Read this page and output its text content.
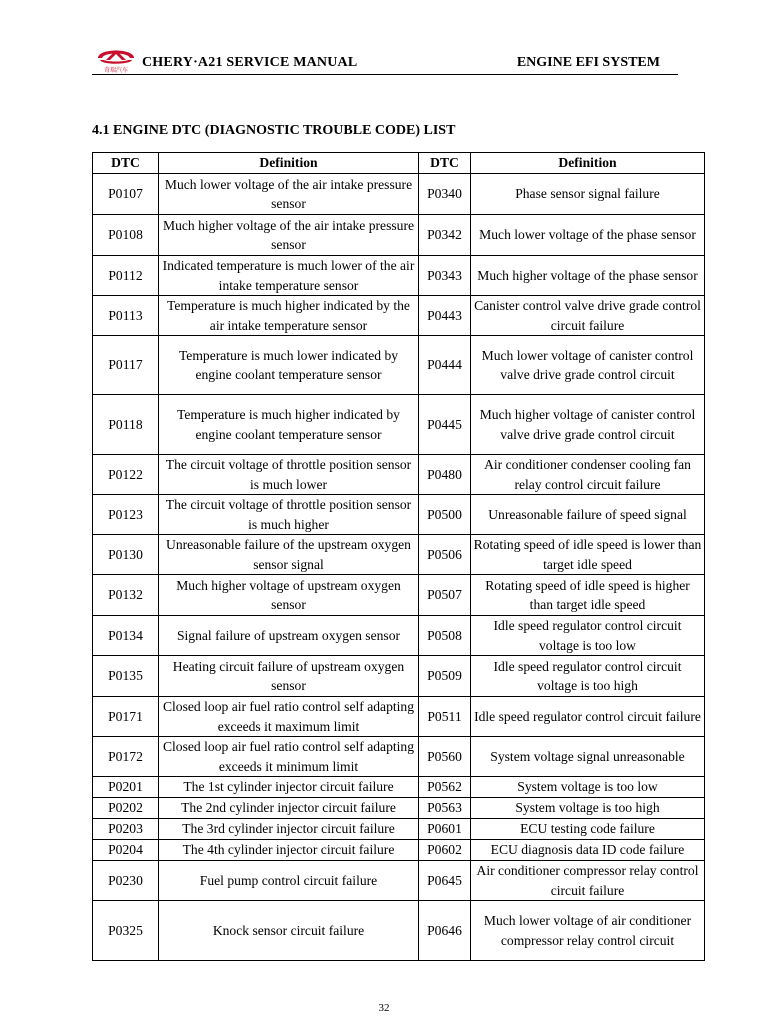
奇瑞汽车
CHERY·A21 SERVICE MANUAL	ENGINE EFI SYSTEM
4.1 ENGINE DTC (DIAGNOSTIC TROUBLE CODE) LIST
DTC	Definition	DTC	Definition
P0107	Much lower voltage of the air intake pressure sensor	P0340	Phase sensor signal failure
P0108	Much higher voltage of the air intake pressure sensor	P0342	Much lower voltage of the phase sensor
P0112	Indicated temperature is much lower of the air intake temperature sensor	P0343	Much higher voltage of the phase sensor
P0113	Temperature is much higher indicated by the air intake temperature sensor	P0443	Canister control valve drive grade control circuit failure
P0117	Temperature is much lower indicated by engine coolant temperature sensor	P0444	Much lower voltage of canister control valve drive grade control circuit
P0118	Temperature is much higher indicated by engine coolant temperature sensor	P0445	Much higher voltage of canister control valve drive grade control circuit
P0122	The circuit voltage of throttle position sensor is much lower	P0480	Air conditioner condenser cooling fan relay control circuit failure
P0123	The circuit voltage of throttle position sensor is much higher	P0500	Unreasonable failure of speed signal
P0130	Unreasonable failure of the upstream oxygen sensor signal	P0506	Rotating speed of idle speed is lower than target idle speed
P0132	Much higher voltage of upstream oxygen sensor	P0507	Rotating speed of idle speed is higher than target idle speed
P0134	Signal failure of upstream oxygen sensor	P0508	Idle speed regulator control circuit voltage is too low
P0135	Heating circuit failure of upstream oxygen sensor	P0509	Idle speed regulator control circuit voltage is too high
P0171	Closed loop air fuel ratio control self adapting exceeds it maximum limit	P0511	Idle speed regulator control circuit failure
P0172	Closed loop air fuel ratio control self adapting exceeds it minimum limit	P0560	System voltage signal unreasonable
P0201	The 1st cylinder injector circuit failure	P0562	System voltage is too low
P0202	The 2nd cylinder injector circuit failure	P0563	System voltage is too high
P0203	The 3rd cylinder injector circuit failure	P0601	ECU testing code failure
P0204	The 4th cylinder injector circuit failure	P0602	ECU diagnosis data ID code failure
P0230	Fuel pump control circuit failure	P0645	Air conditioner compressor relay control circuit failure
P0325	Knock sensor circuit failure	P0646	Much lower voltage of air conditioner compressor relay control circuit
32
